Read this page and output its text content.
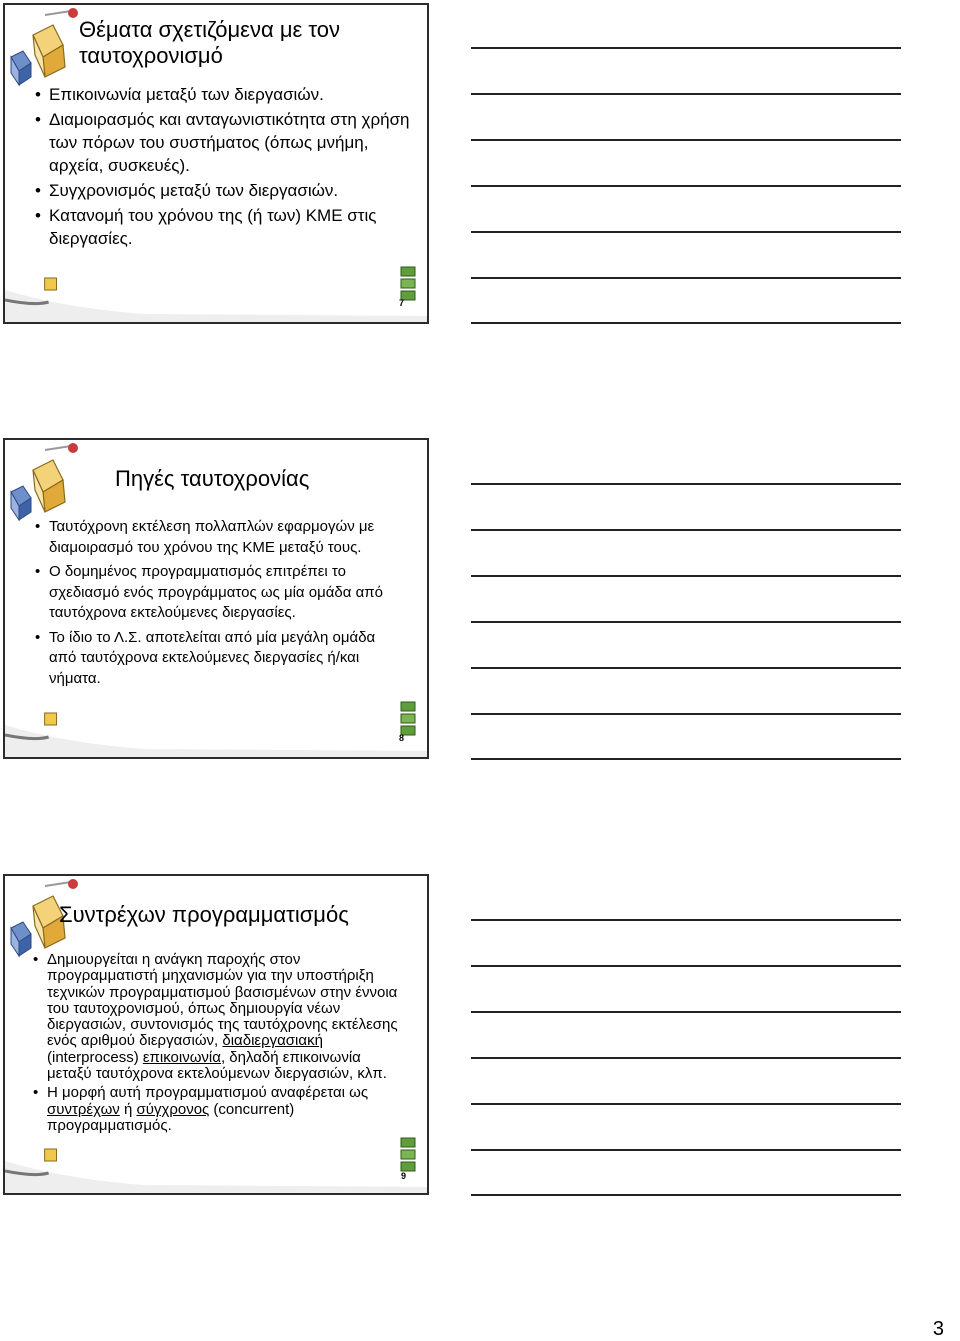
Θέματα σχετιζόμενα με τον
ταυτοχρονισμό
• Επικοινωνία μεταξύ των διεργασιών.
• Διαμοιρασμός και ανταγωνιστικότητα στη χρήση των πόρων του συστήματος (όπως μνήμη, αρχεία, συσκευές).
• Συγχρονισμός μεταξύ των διεργασιών.
• Κατανομή του χρόνου της (ή των) ΚΜΕ στις διεργασίες.
7
Πηγές ταυτοχρονίας
• Ταυτόχρονη εκτέλεση πολλαπλών εφαρμογών με διαμοιρασμό του χρόνου της ΚΜΕ μεταξύ τους.
• Ο δομημένος προγραμματισμός επιτρέπει το σχεδιασμό ενός προγράμματος ως μία ομάδα από ταυτόχρονα εκτελούμενες διεργασίες.
• Το ίδιο το Λ.Σ. αποτελείται από μία μεγάλη ομάδα από ταυτόχρονα εκτελούμενες διεργασίες ή/και νήματα.
8
Συντρέχων προγραμματισμός
• Δημιουργείται η ανάγκη παροχής στον προγραμματιστή μηχανισμών για την υποστήριξη τεχνικών προγραμματισμού βασισμένων στην έννοια του ταυτοχρονισμού, όπως δημιουργία νέων διεργασιών, συντονισμός της ταυτόχρονης εκτέλεσης ενός αριθμού διεργασιών, διαδιεργασιακή (interprocess) επικοινωνία, δηλαδή επικοινωνία μεταξύ ταυτόχρονα εκτελούμενων διεργασιών, κλπ.
• Η μορφή αυτή προγραμματισμού αναφέρεται ως συντρέχων ή σύγχρονος (concurrent) προγραμματισμός.
9
3
